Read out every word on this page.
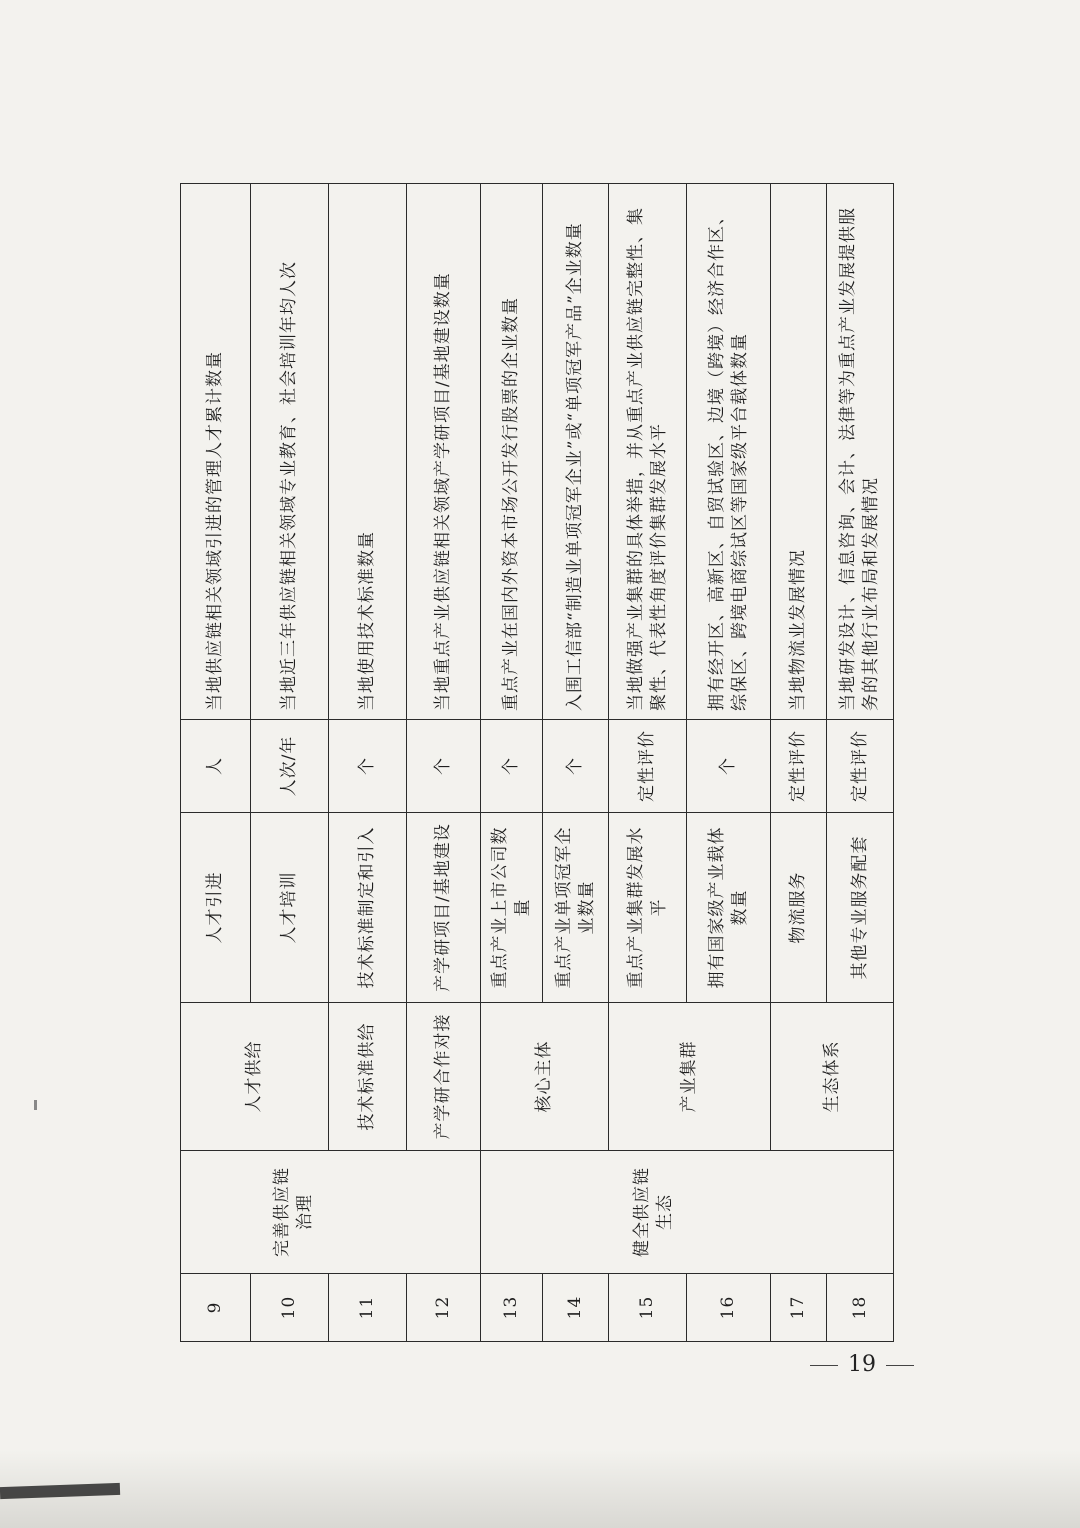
9	完善供应链治理	人才供给	人才引进	人	当地供应链相关领域引进的管理人才累计数量
10			人才培训	人次/年	当地近三年供应链相关领域专业教育、社会培训年均人次
11		技术标准供给	技术标准制定和引入	个	当地使用技术标准数量
12		产学研合作对接	产学研项目/基地建设	个	当地重点产业供应链相关领域产学研项目/基地建设数量
13	健全供应链生态	核心主体	重点产业上市公司数量	个	重点产业在国内外资本市场公开发行股票的企业数量
14			重点产业单项冠军企业数量	个	入围工信部“制造业单项冠军企业”或“单项冠军产品”企业数量
15		产业集群	重点产业集群发展水平	定性评价	当地做强产业集群的具体举措，并从重点产业供应链完整性、集聚性、代表性角度评价集群发展水平
16			拥有国家级产业载体数量	个	拥有经开区、高新区、自贸试验区、边境（跨境）经济合作区、综保区、跨境电商综试区等国家级平台载体数量
17		生态体系	物流服务	定性评价	当地物流业发展情况
18			其他专业服务配套	定性评价	当地研发设计、信息咨询、会计、法律等为重点产业发展提供服务的其他行业布局和发展情况
19
